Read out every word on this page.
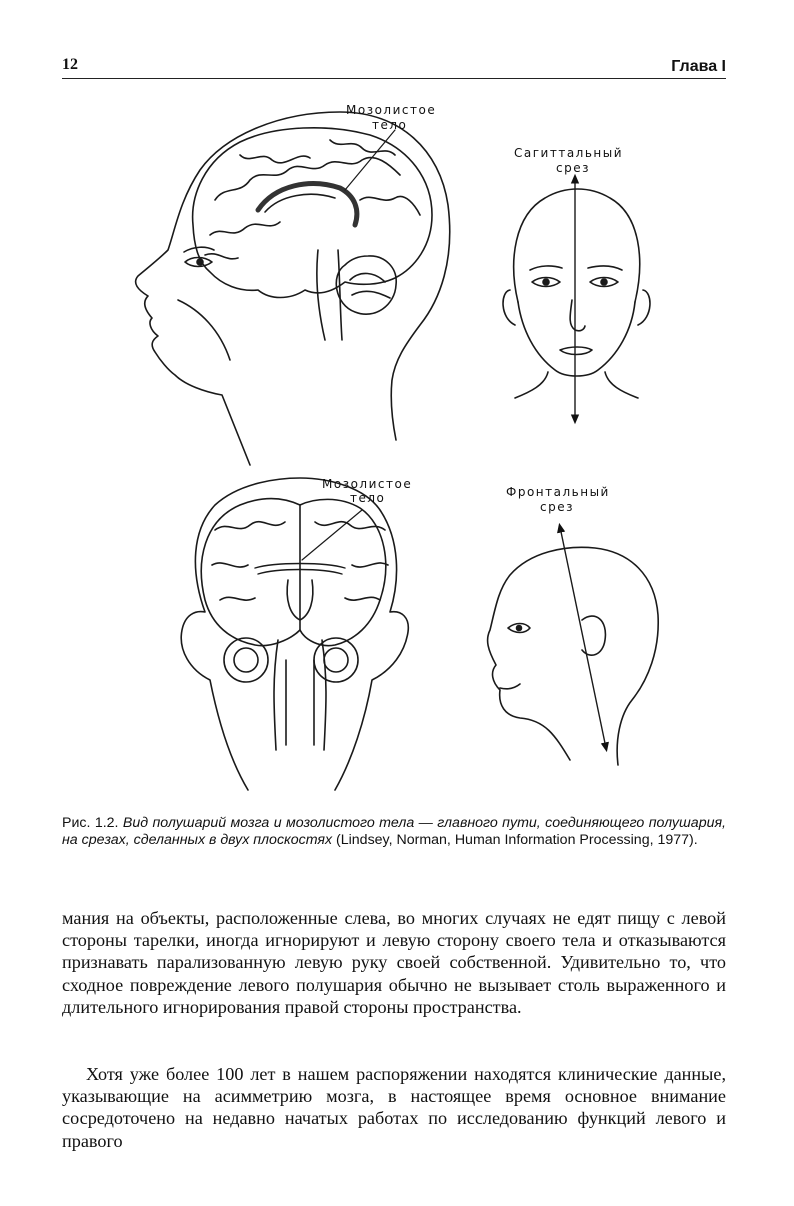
12	Глава I
Мозолистое
тело
Сагиттальный
срез
Мозолистое
тело	Фронтальный
срез
Рис. 1.2. Вид полушарий мозга и мозолистого тела — главного пути, соединяющего полушария, на срезах, сделанных в двух плоскостях (Lindsey, Norman, Human Information Processing, 1977).
мания на объекты, расположенные слева, во многих случаях не едят пищу с левой стороны тарелки, иногда игнорируют и левую сторону своего тела и отказываются признавать парализованную левую руку своей собственной. Удивительно то, что сходное повреждение левого полушария обычно не вызывает столь выраженного и длительного игнорирования правой стороны пространства.
Хотя уже более 100 лет в нашем распоряжении находятся клинические данные, указывающие на асимметрию мозга, в настоящее время основное внимание сосредоточено на недавно начатых работах по исследованию функций левого и правого
